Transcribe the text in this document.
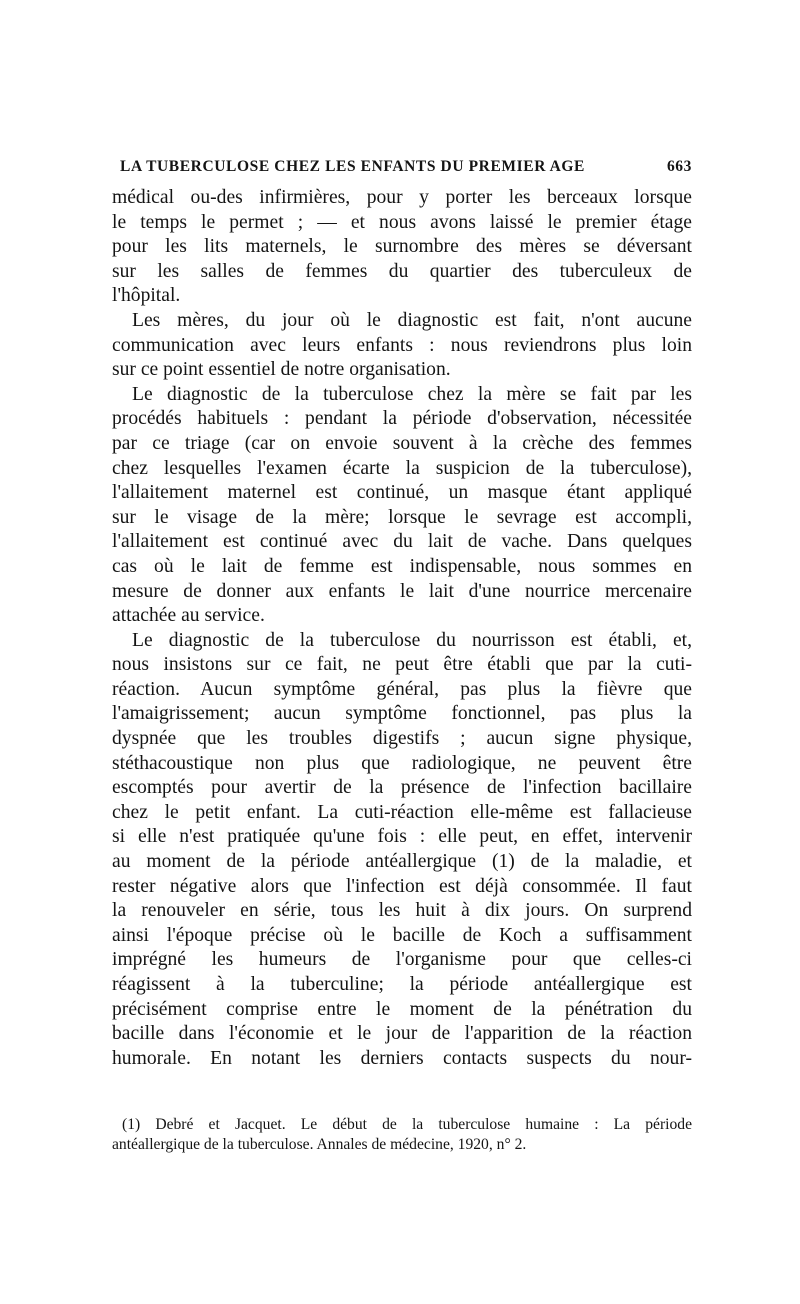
LA TUBERCULOSE CHEZ LES ENFANTS DU PREMIER AGE	663
médical ou-des infirmières, pour y porter les berceaux lorsque
le temps le permet ; — et nous avons laissé le premier étage
pour les lits maternels, le surnombre des mères se déversant
sur les salles de femmes du quartier des tuberculeux de
l'hôpital.
Les mères, du jour où le diagnostic est fait, n'ont aucune
communication avec leurs enfants : nous reviendrons plus loin
sur ce point essentiel de notre organisation.
Le diagnostic de la tuberculose chez la mère se fait par les
procédés habituels : pendant la période d'observation, nécessitée
par ce triage (car on envoie souvent à la crèche des femmes
chez lesquelles l'examen écarte la suspicion de la tuberculose),
l'allaitement maternel est continué, un masque étant appliqué
sur le visage de la mère; lorsque le sevrage est accompli,
l'allaitement est continué avec du lait de vache. Dans quelques
cas où le lait de femme est indispensable, nous sommes en
mesure de donner aux enfants le lait d'une nourrice mercenaire
attachée au service.
Le diagnostic de la tuberculose du nourrisson est établi, et,
nous insistons sur ce fait, ne peut être établi que par la cuti-
réaction. Aucun symptôme général, pas plus la fièvre que
l'amaigrissement; aucun symptôme fonctionnel, pas plus la
dyspnée que les troubles digestifs ; aucun signe physique,
stéthacoustique non plus que radiologique, ne peuvent être
escomptés pour avertir de la présence de l'infection bacillaire
chez le petit enfant. La cuti-réaction elle-même est fallacieuse
si elle n'est pratiquée qu'une fois : elle peut, en effet, intervenir
au moment de la période antéallergique (1) de la maladie, et
rester négative alors que l'infection est déjà consommée. Il faut
la renouveler en série, tous les huit à dix jours. On surprend
ainsi l'époque précise où le bacille de Koch a suffisamment
imprégné les humeurs de l'organisme pour que celles-ci
réagissent à la tuberculine; la période antéallergique est
précisément comprise entre le moment de la pénétration du
bacille dans l'économie et le jour de l'apparition de la réaction
humorale. En notant les derniers contacts suspects du nour-
(1) Debré et Jacquet. Le début de la tuberculose humaine : La période
antéallergique de la tuberculose. Annales de médecine, 1920, n° 2.
